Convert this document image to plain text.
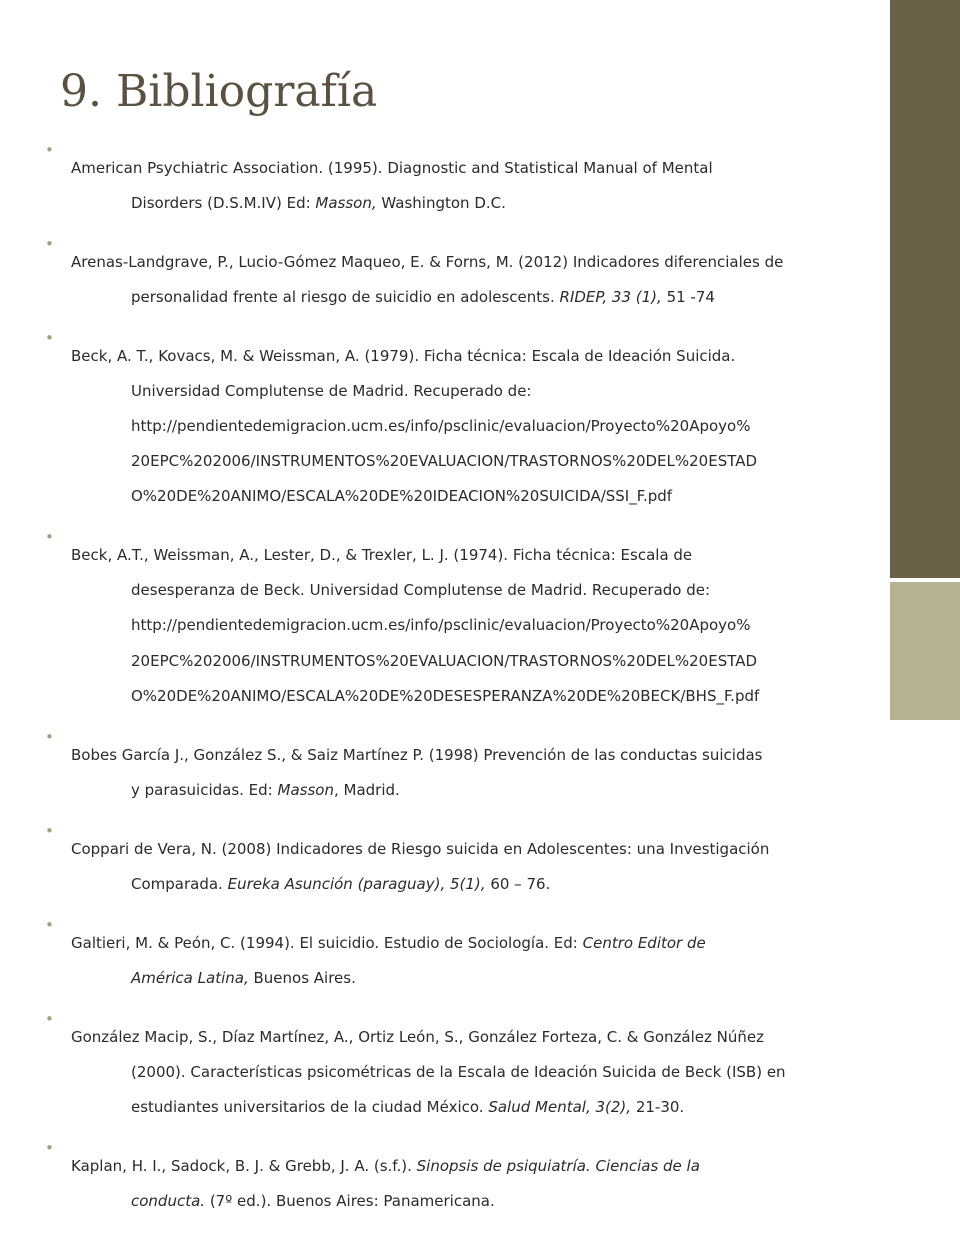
9. Bibliografía

• American Psychiatric Association. (1995). Diagnostic and Statistical Manual of Mental

Disorders (D.S.M.IV) Ed: Masson, Washington D.C.

• Arenas-Landgrave, P., Lucio-Gómez Maqueo, E. & Forns, M. (2012) Indicadores diferenciales de

personalidad frente al riesgo de suicidio en adolescents. RIDEP, 33 (1), 51 -74

• Beck, A. T., Kovacs, M. & Weissman, A. (1979). Ficha técnica: Escala de Ideación Suicida.

Universidad Complutense de Madrid. Recuperado de:

http://pendientedemigracion.ucm.es/info/psclinic/evaluacion/Proyecto%20Apoyo%

20EPC%202006/INSTRUMENTOS%20EVALUACION/TRASTORNOS%20DEL%20ESTAD

O%20DE%20ANIMO/ESCALA%20DE%20IDEACION%20SUICIDA/SSI_F.pdf

• Beck, A.T., Weissman, A., Lester, D., & Trexler, L. J. (1974). Ficha técnica: Escala de

desesperanza de Beck. Universidad Complutense de Madrid. Recuperado de:

http://pendientedemigracion.ucm.es/info/psclinic/evaluacion/Proyecto%20Apoyo%

20EPC%202006/INSTRUMENTOS%20EVALUACION/TRASTORNOS%20DEL%20ESTAD

O%20DE%20ANIMO/ESCALA%20DE%20DESESPERANZA%20DE%20BECK/BHS_F.pdf

• Bobes García J., González S., & Saiz Martínez P. (1998) Prevención de las conductas suicidas

y parasuicidas. Ed: Masson, Madrid.

• Coppari de Vera, N. (2008) Indicadores de Riesgo suicida en Adolescentes: una Investigación

Comparada. Eureka Asunción (paraguay), 5(1), 60 – 76.

• Galtieri, M. & Peón, C. (1994). El suicidio. Estudio de Sociología. Ed: Centro Editor de

América Latina, Buenos Aires.

• González Macip, S., Díaz Martínez, A., Ortiz León, S., González Forteza, C. & González Núñez

(2000). Características psicométricas de la Escala de Ideación Suicida de Beck (ISB) en

estudiantes universitarios de la ciudad México. Salud Mental, 3(2), 21-30.

• Kaplan, H. I., Sadock, B. J. & Grebb, J. A. (s.f.). Sinopsis de psiquiatría. Ciencias de la

conducta. (7º ed.). Buenos Aires: Panamericana.
